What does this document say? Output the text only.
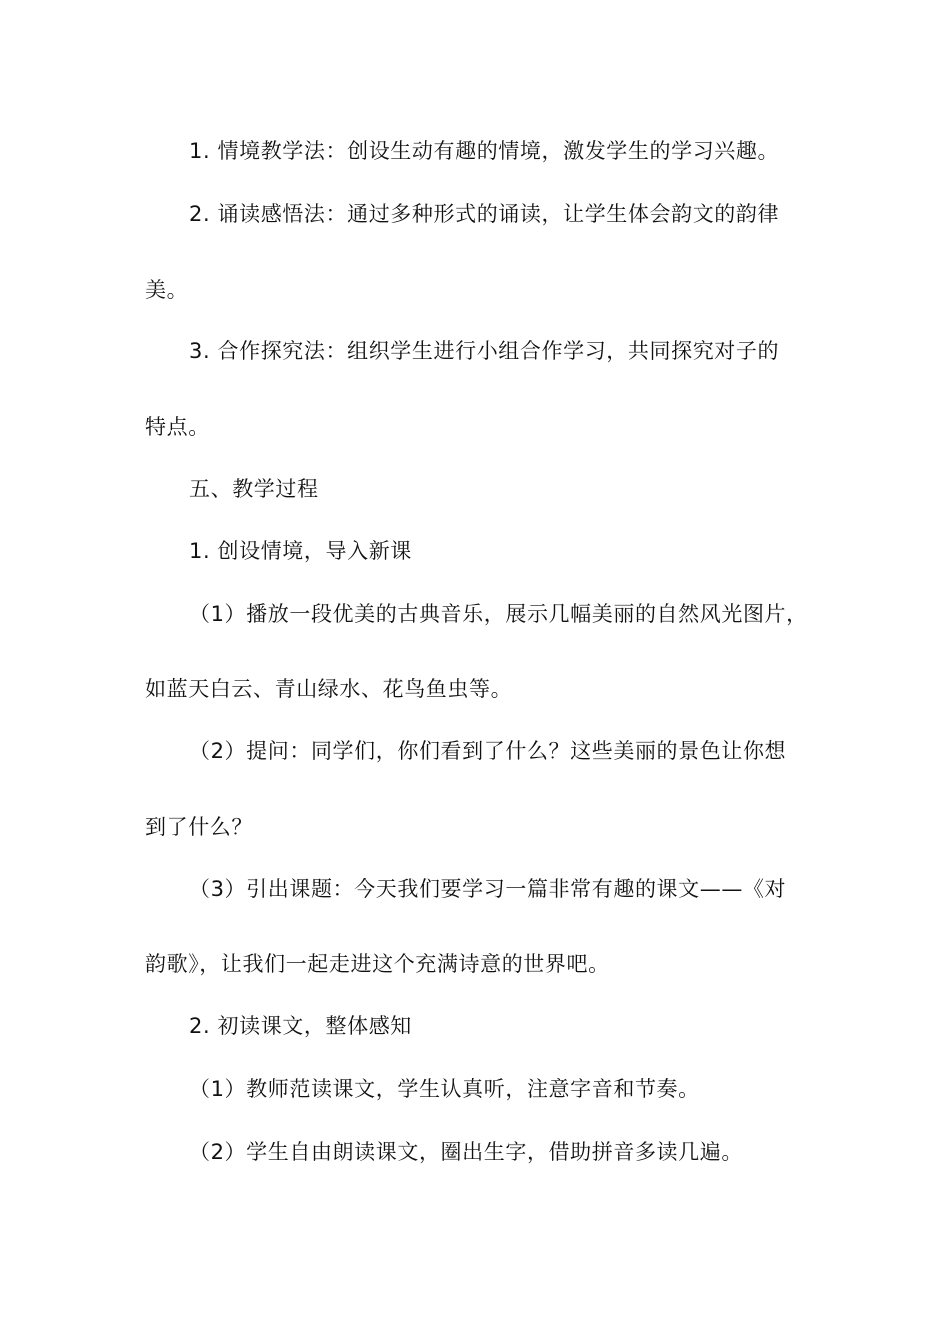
1. 情境教学法：创设生动有趣的情境，激发学生的学习兴趣。
2. 诵读感悟法：通过多种形式的诵读，让学生体会韵文的韵律
美。
3. 合作探究法：组织学生进行小组合作学习，共同探究对子的
特点。
五、教学过程
1. 创设情境，导入新课
（1）播放一段优美的古典音乐，展示几幅美丽的自然风光图片，
如蓝天白云、青山绿水、花鸟鱼虫等。
（2）提问：同学们，你们看到了什么？这些美丽的景色让你想
到了什么？
（3）引出课题：今天我们要学习一篇非常有趣的课文——《对
韵歌》，让我们一起走进这个充满诗意的世界吧。
2. 初读课文，整体感知
（1）教师范读课文，学生认真听，注意字音和节奏。
（2）学生自由朗读课文，圈出生字，借助拼音多读几遍。
